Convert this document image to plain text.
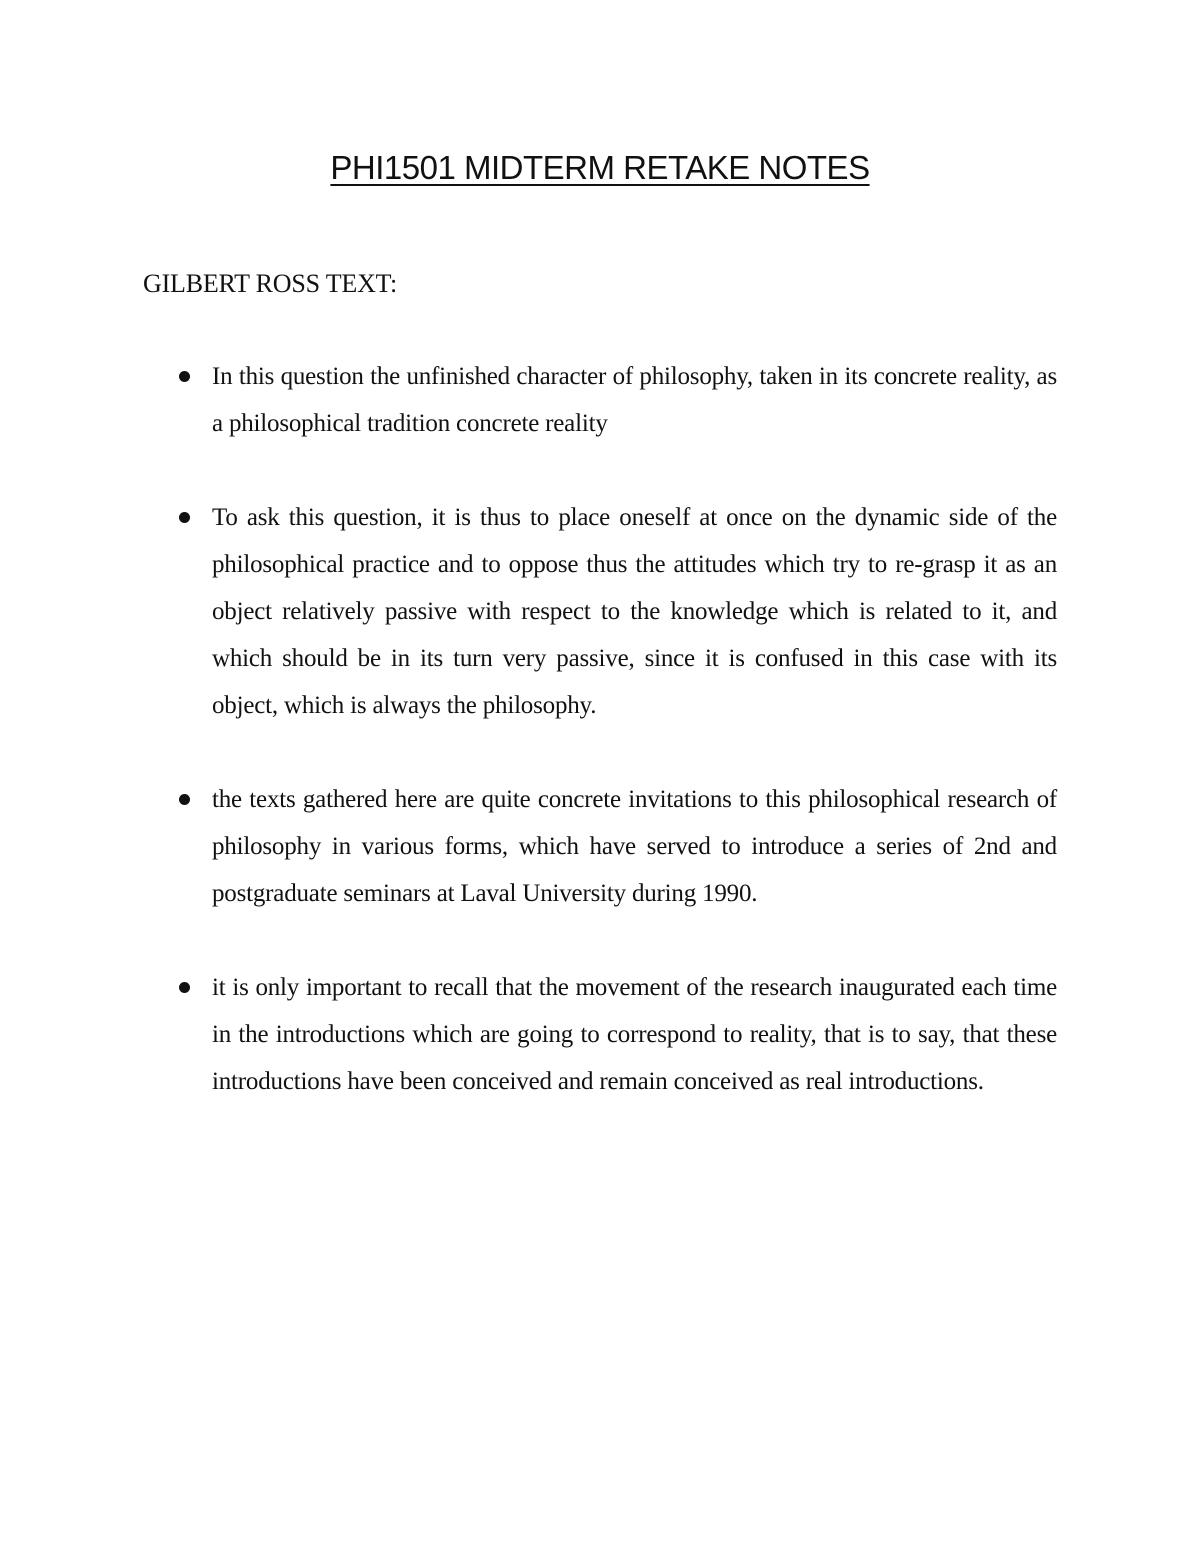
PHI1501 MIDTERM RETAKE NOTES
GILBERT ROSS TEXT:
In this question the unfinished character of philosophy, taken in its concrete reality, as a philosophical tradition concrete reality
To ask this question, it is thus to place oneself at once on the dynamic side of the philosophical practice and to oppose thus the attitudes which try to re-grasp it as an object relatively passive with respect to the knowledge which is related to it, and which should be in its turn very passive, since it is confused in this case with its object, which is always the philosophy.
the texts gathered here are quite concrete invitations to this philosophical research of philosophy in various forms, which have served to introduce a series of 2nd and postgraduate seminars at Laval University during 1990.
it is only important to recall that the movement of the research inaugurated each time in the introductions which are going to correspond to reality, that is to say, that these introductions have been conceived and remain conceived as real introductions.
